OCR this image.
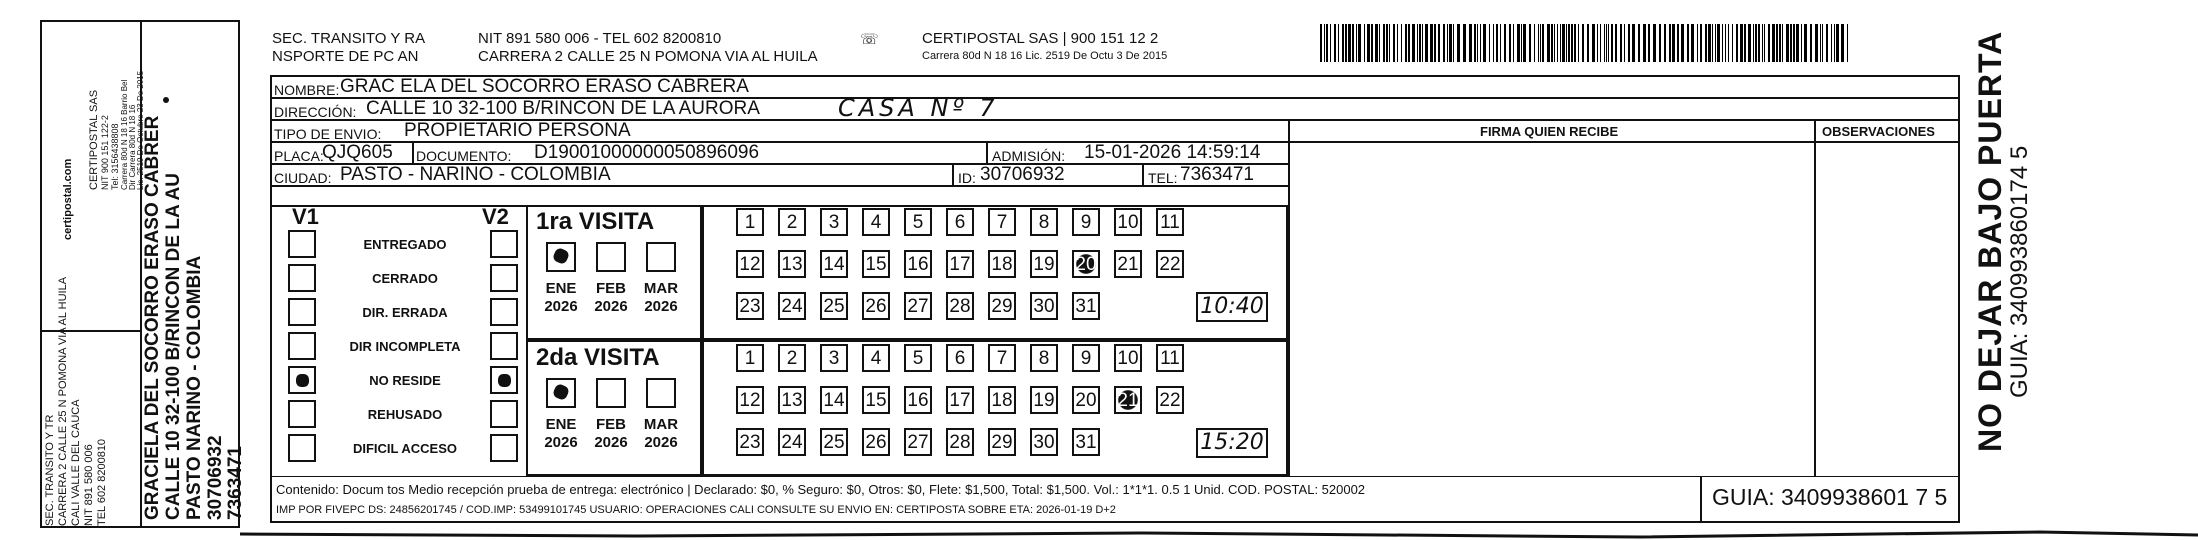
SEC. TRANSITO Y TR CARRERA 2 CALLE 25 N POMONA VIA AL HUILA CALI VALLE DEL CAUCA NIT 891 580 006 TEL 602 8200810
certipostal.com
CERTIPOSTAL SAS NIT 900 151 122-2 Tel: 3156438808 Carrera 80d N 18 16 Barrio Bel Dir Carrera 80d N 18 16 Lic. 2519 De Octubre 23 De 2015
GRACIELA DEL SOCORRO ERASO CABRER CALLE 10 32-100 B/RINCON DE LA AU PASTO NARINO - COLOMBIA 30706932 7363471
SEC. TRANSITO Y RA
NSPORTE DE PC AN
NIT 891 580 006 - TEL 602 8200810
CARRERA 2 CALLE 25 N POMONA VIA AL HUILA
CERTIPOSTAL SAS | 900 151 12 2
Carrera 80d N 18 16 Lic. 2519 De Octu 3 De 2015
☏
NOMBRE: GRAC ELA DEL SOCORRO ERASO CABRERA
DIRECCIÓN: CALLE 10 32-100 B/RINCON DE LA AURORA	CASA Nº 7
TIPO DE ENVIO: PROPIETARIO PERSONA	FIRMA QUIEN RECIBE	OBSERVACIONES
PLACA:
QJQ605 DOCUMENTO: D19001000000050896096	ADMISIÓN: 15-01-2026 14:59:14
CIUDAD: PASTO - NARINO - COLOMBIA	ID: 30706932	TEL: 7363471
V1	V2
ENTREGADO
CERRADO
DIR. ERRADA
DIR INCOMPLETA
NO RESIDE
REHUSADO
DIFICIL ACCESO
1ra VISITA
2da VISITA
ENE
2026
FEB
2026
MAR
2026
1	2	3	4	5	6	7	8	9	10 11
12 13 14 15 16 17 18 19 20 21 22
23 24 25 26 27 28 29 30 31	10:40
ENE
2026
FEB
2026
MAR
2026
1	2	3	4	5	6	7	8	9	10 11
12 13 14 15 16 17 18 19 20 21 22
23 24 25 26 27 28 29 30 31	15:20
Contenido: Docum tos Medio recepción prueba de entrega: electrónico | Declarado: $0, % Seguro: $0, Otros: $0, Flete: $1,500, Total: $1,500. Vol.: 1*1*1. 0.5 1 Unid. COD. POSTAL: 520002
IMP POR FIVEPC DS: 24856201745 / COD.IMP: 53499101745 USUARIO: OPERACIONES CALI CONSULTE SU ENVIO EN: CERTIPOSTA SOBRE ETA: 2026-01-19 D+2	GUIA: 3409938601 7 5
NO DEJAR BAJO PUERTA
GUIA: 340993860174 5
